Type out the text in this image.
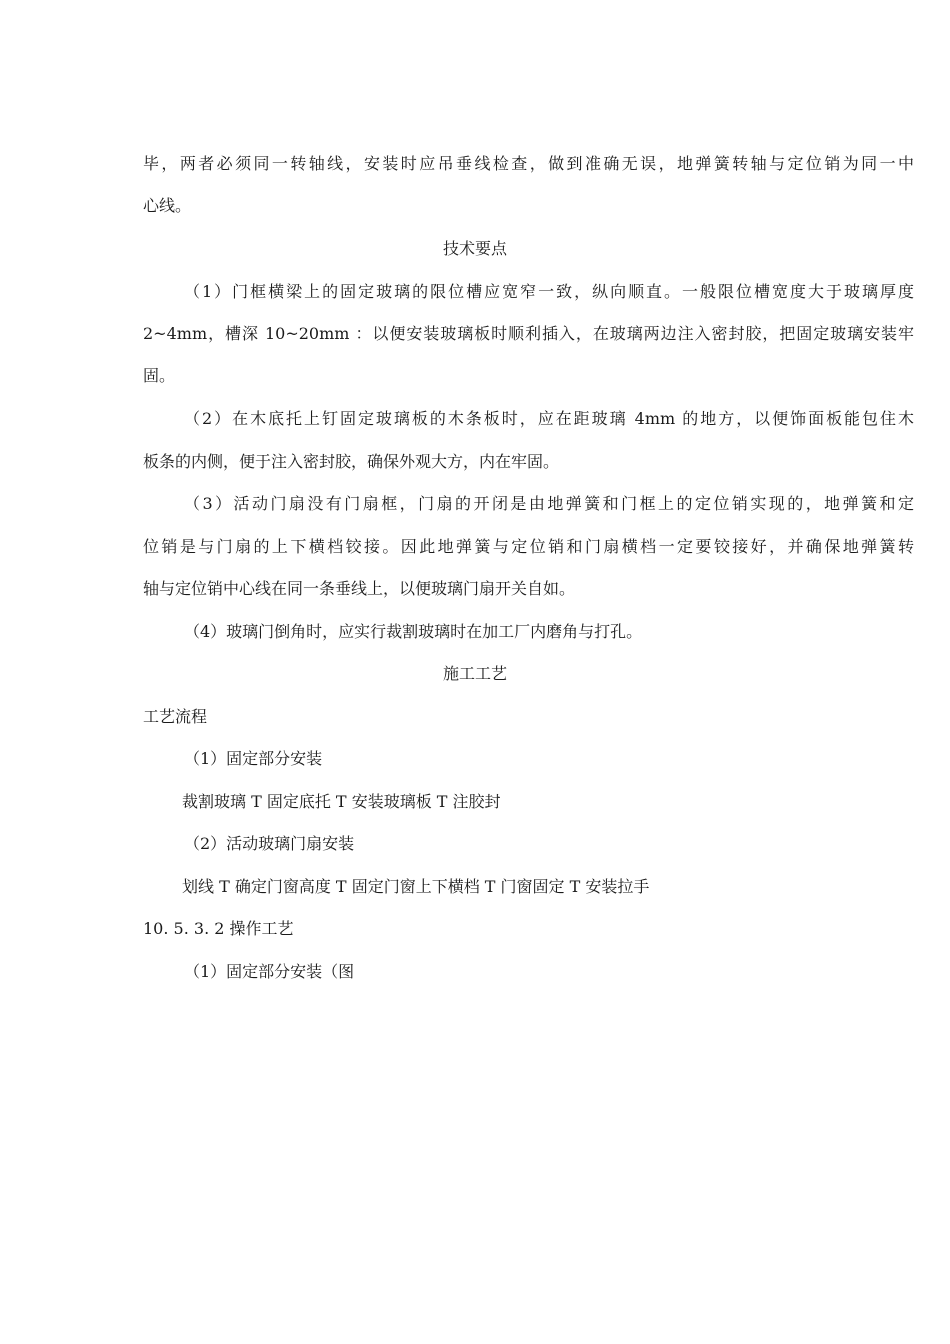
毕，两者必须同一转轴线，安装时应吊垂线检查，做到准确无误，地弹簧转轴与定位销为同一中
心线。
技术要点
（1）门框横梁上的固定玻璃的限位槽应宽窄一致，纵向顺直。一般限位槽宽度大于玻璃厚度
2~4mm，槽深 10~20mm ：以便安装玻璃板时顺利插入，在玻璃两边注入密封胶，把固定玻璃安装牢
固。
（2）在木底托上钉固定玻璃板的木条板时，应在距玻璃 4mm 的地方，以便饰面板能包住木
板条的内侧，便于注入密封胶，确保外观大方，内在牢固。
（3）活动门扇没有门扇框，门扇的开闭是由地弹簧和门框上的定位销实现的，地弹簧和定
位销是与门扇的上下横档铰接。因此地弹簧与定位销和门扇横档一定要铰接好，并确保地弹簧转
轴与定位销中心线在同一条垂线上，以便玻璃门扇开关自如。
（4）玻璃门倒角时，应实行裁割玻璃时在加工厂内磨角与打孔。
施工工艺
工艺流程
（1）固定部分安装
裁割玻璃 T 固定底托 T 安装玻璃板 T 注胶封
（2）活动玻璃门扇安装
划线 T 确定门窗高度 T 固定门窗上下横档 T 门窗固定 T 安装拉手
10. 5. 3. 2 操作工艺
（1）固定部分安装（图
